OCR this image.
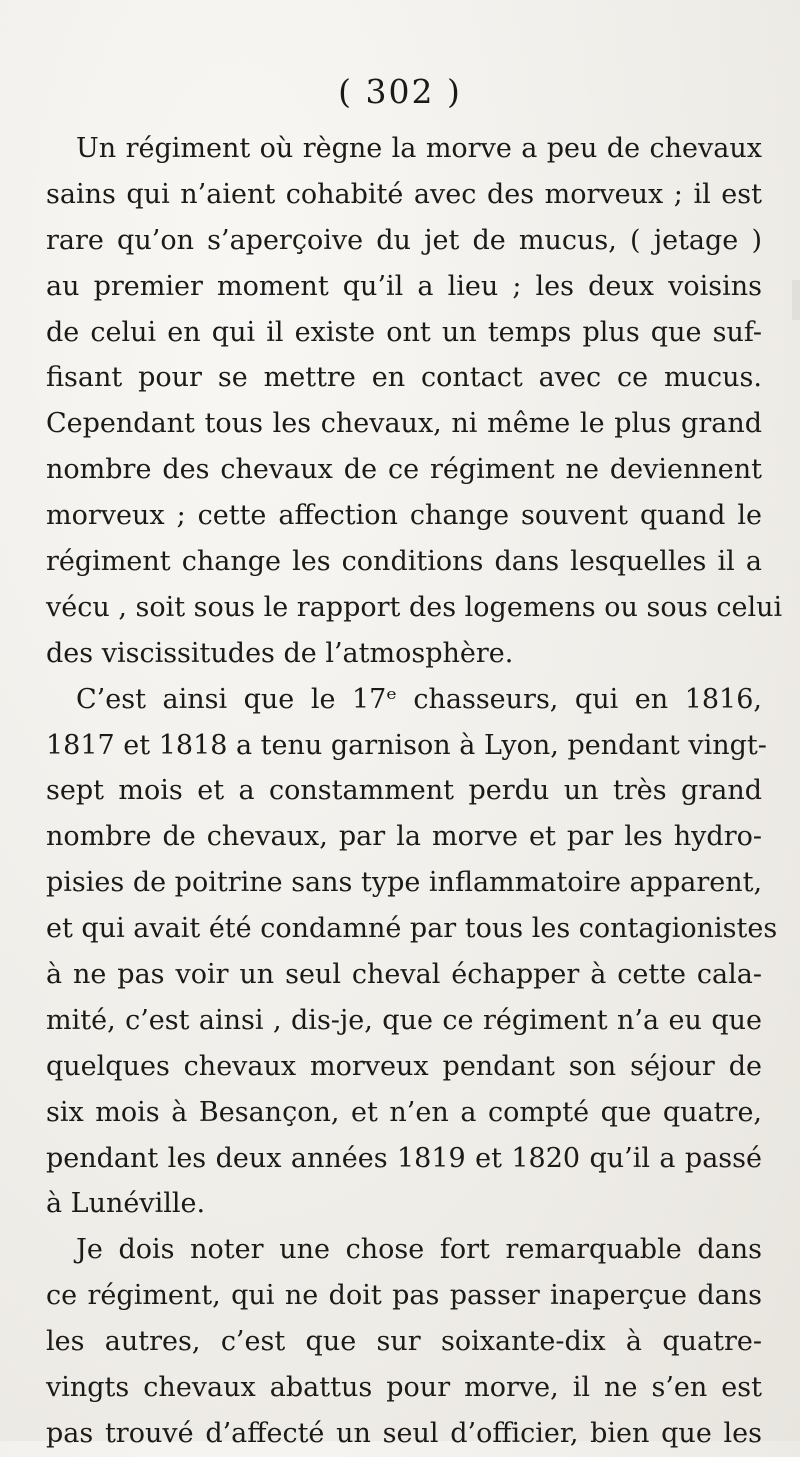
( 302 )
Un régiment où règne la morve a peu de chevaux
sains qui n’aient cohabité avec des morveux ; il est
rare qu’on s’aperçoive du jet de mucus, ( jetage )
au premier moment qu’il a lieu ; les deux voisins
de celui en qui il existe ont un temps plus que suf-
fisant pour se mettre en contact avec ce mucus.
Cependant tous les chevaux, ni même le plus grand
nombre des chevaux de ce régiment ne deviennent
morveux ; cette affection change souvent quand le
régiment change les conditions dans lesquelles il a
vécu , soit sous le rapport des logemens ou sous celui
des viscissitudes de l’atmosphère.
C’est ainsi que le 17ᵉ chasseurs, qui en 1816,
1817 et 1818 a tenu garnison à Lyon, pendant vingt-
sept mois et a constamment perdu un très grand
nombre de chevaux, par la morve et par les hydro-
pisies de poitrine sans type inflammatoire apparent,
et qui avait été condamné par tous les contagionistes
à ne pas voir un seul cheval échapper à cette cala-
mité, c’est ainsi , dis-je, que ce régiment n’a eu que
quelques chevaux morveux pendant son séjour de
six mois à Besançon, et n’en a compté que quatre,
pendant les deux années 1819 et 1820 qu’il a passé
à Lunéville.
Je dois noter une chose fort remarquable dans
ce régiment, qui ne doit pas passer inaperçue dans
les autres, c’est que sur soixante-dix à quatre-
vingts chevaux abattus pour morve, il ne s’en est
pas trouvé d’affecté un seul d’officier, bien que les
